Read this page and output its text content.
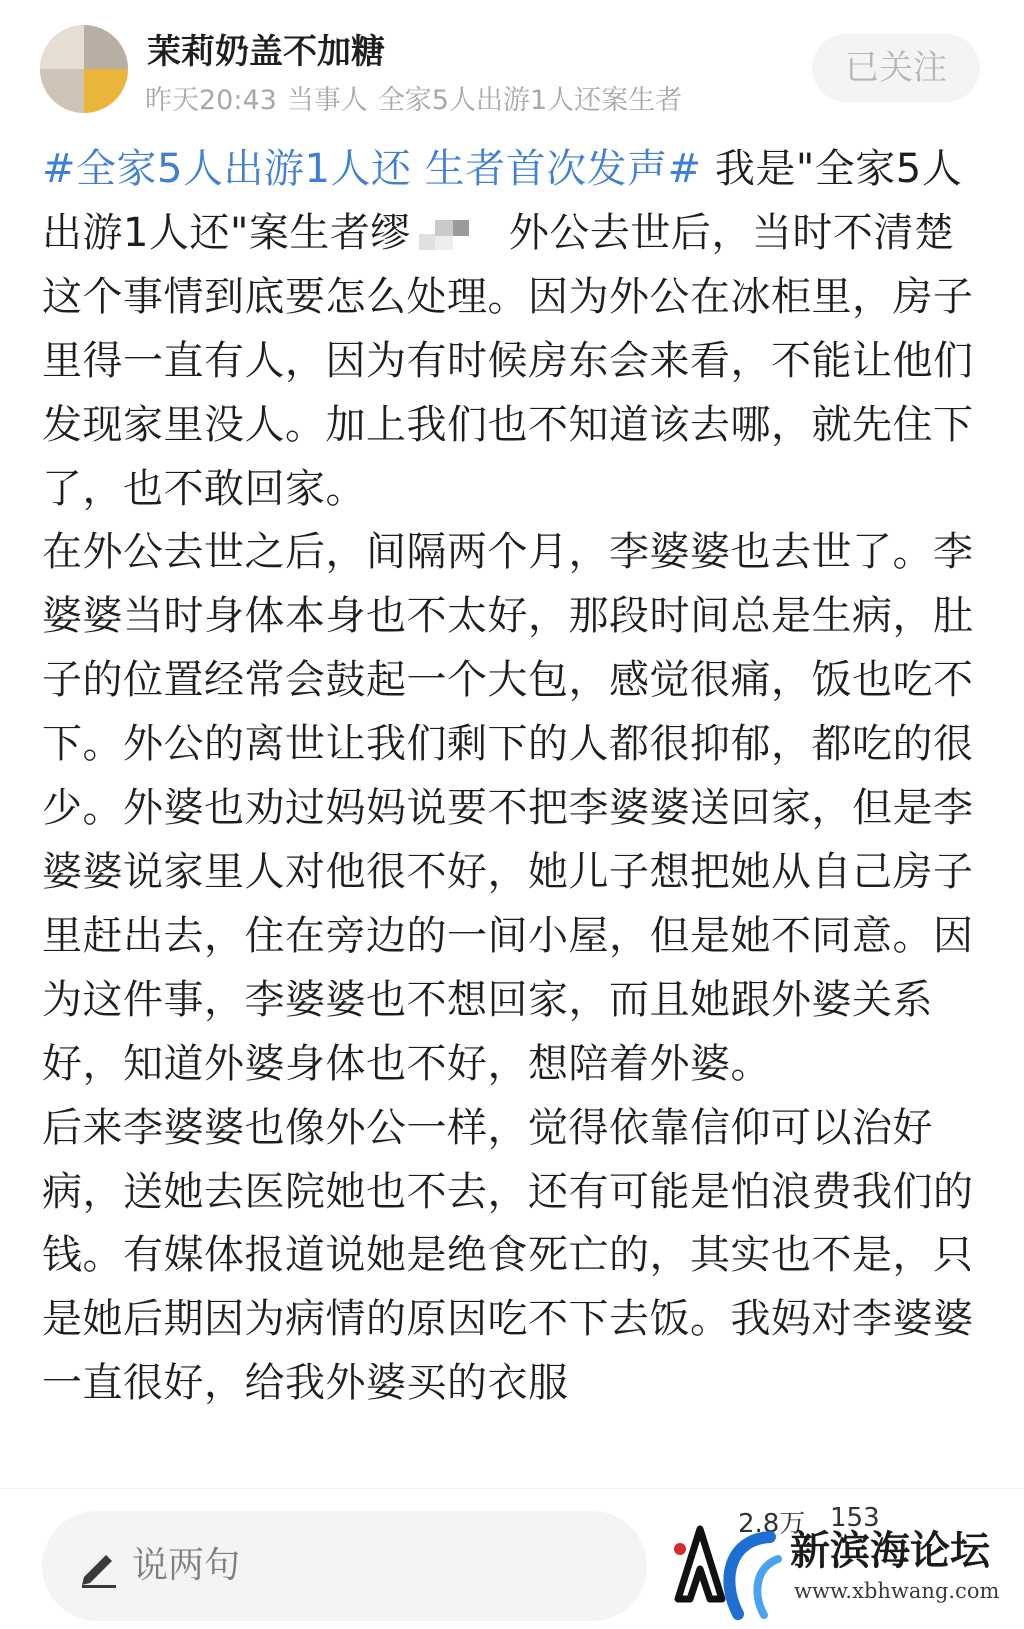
茉莉奶盖不加糖
昨天20:43 当事人 全家5人出游1人还案生者
已关注

#全家5人出游1人还 生者首次发声# 我是"全家5人出游1人还"案生者缪 外公去世后，当时不清楚这个事情到底要怎么处理。因为外公在冰柜里，房子里得一直有人，因为有时候房东会来看，不能让他们发现家里没人。加上我们也不知道该去哪，就先住下了，也不敢回家。

在外公去世之后，间隔两个月，李婆婆也去世了。李婆婆当时身体本身也不太好，那段时间总是生病，肚子的位置经常会鼓起一个大包，感觉很痛，饭也吃不下。外公的离世让我们剩下的人都很抑郁，都吃的很少。外婆也劝过妈妈说要不把李婆婆送回家，但是李婆婆说家里人对他很不好，她儿子想把她从自己房子里赶出去，住在旁边的一间小屋，但是她不同意。因为这件事，李婆婆也不想回家，而且她跟外婆关系好，知道外婆身体也不好，想陪着外婆。

后来李婆婆也像外公一样，觉得依靠信仰可以治好病，送她去医院她也不去，还有可能是怕浪费我们的钱。有媒体报道说她是绝食死亡的，其实也不是，只是她后期因为病情的原因吃不下去饭。我妈对李婆婆一直很好，给我外婆买的衣服

说两句
2.8万 153
新滨海论坛
www.xbhwang.com
